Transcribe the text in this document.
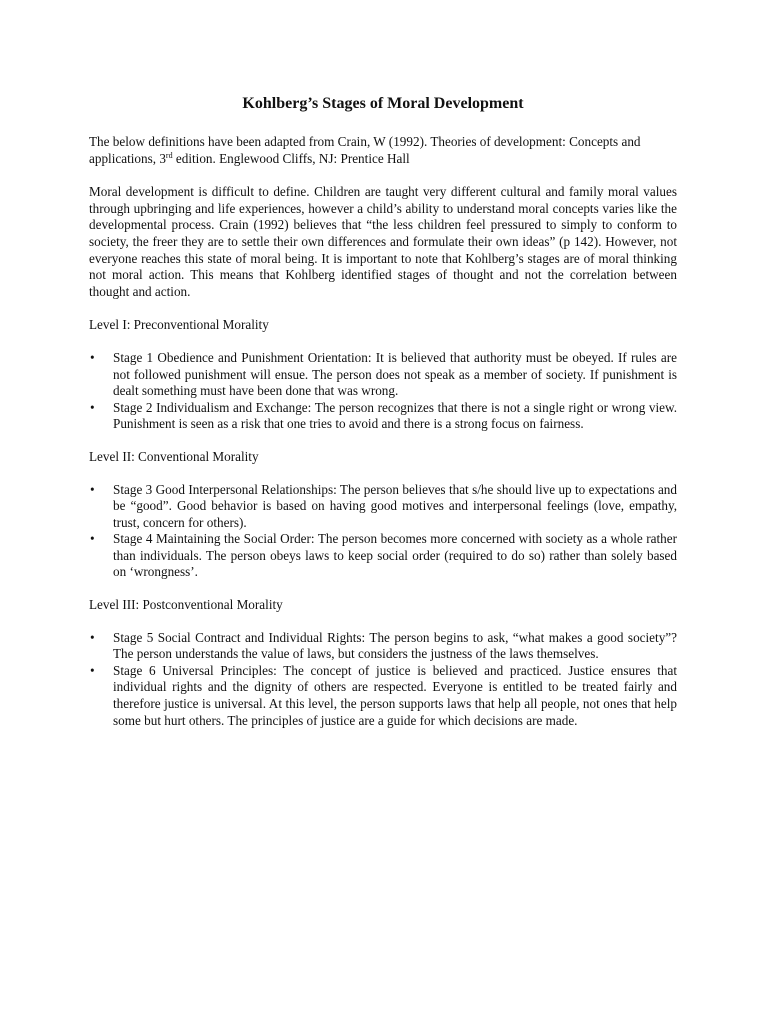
Kohlberg’s Stages of Moral Development

The below definitions have been adapted from Crain, W (1992). Theories of development: Concepts and applications, 3rd edition. Englewood Cliffs, NJ: Prentice Hall

Moral development is difficult to define. Children are taught very different cultural and family moral values through upbringing and life experiences, however a child’s ability to understand moral concepts varies like the developmental process. Crain (1992) believes that “the less children feel pressured to simply to conform to society, the freer they are to settle their own differences and formulate their own ideas” (p 142). However, not everyone reaches this state of moral being. It is important to note that Kohlberg’s stages are of moral thinking not moral action. This means that Kohlberg identified stages of thought and not the correlation between thought and action.

Level I: Preconventional Morality

• Stage 1 Obedience and Punishment Orientation: It is believed that authority must be obeyed. If rules are not followed punishment will ensue. The person does not speak as a member of society. If punishment is dealt something must have been done that was wrong.
• Stage 2 Individualism and Exchange: The person recognizes that there is not a single right or wrong view. Punishment is seen as a risk that one tries to avoid and there is a strong focus on fairness.

Level II: Conventional Morality

• Stage 3 Good Interpersonal Relationships: The person believes that s/he should live up to expectations and be “good”. Good behavior is based on having good motives and interpersonal feelings (love, empathy, trust, concern for others).
• Stage 4 Maintaining the Social Order: The person becomes more concerned with society as a whole rather than individuals. The person obeys laws to keep social order (required to do so) rather than solely based on ‘wrongness’.

Level III: Postconventional Morality

• Stage 5 Social Contract and Individual Rights: The person begins to ask, “what makes a good society”? The person understands the value of laws, but considers the justness of the laws themselves.
• Stage 6 Universal Principles: The concept of justice is believed and practiced. Justice ensures that individual rights and the dignity of others are respected. Everyone is entitled to be treated fairly and therefore justice is universal. At this level, the person supports laws that help all people, not ones that help some but hurt others. The principles of justice are a guide for which decisions are made.
